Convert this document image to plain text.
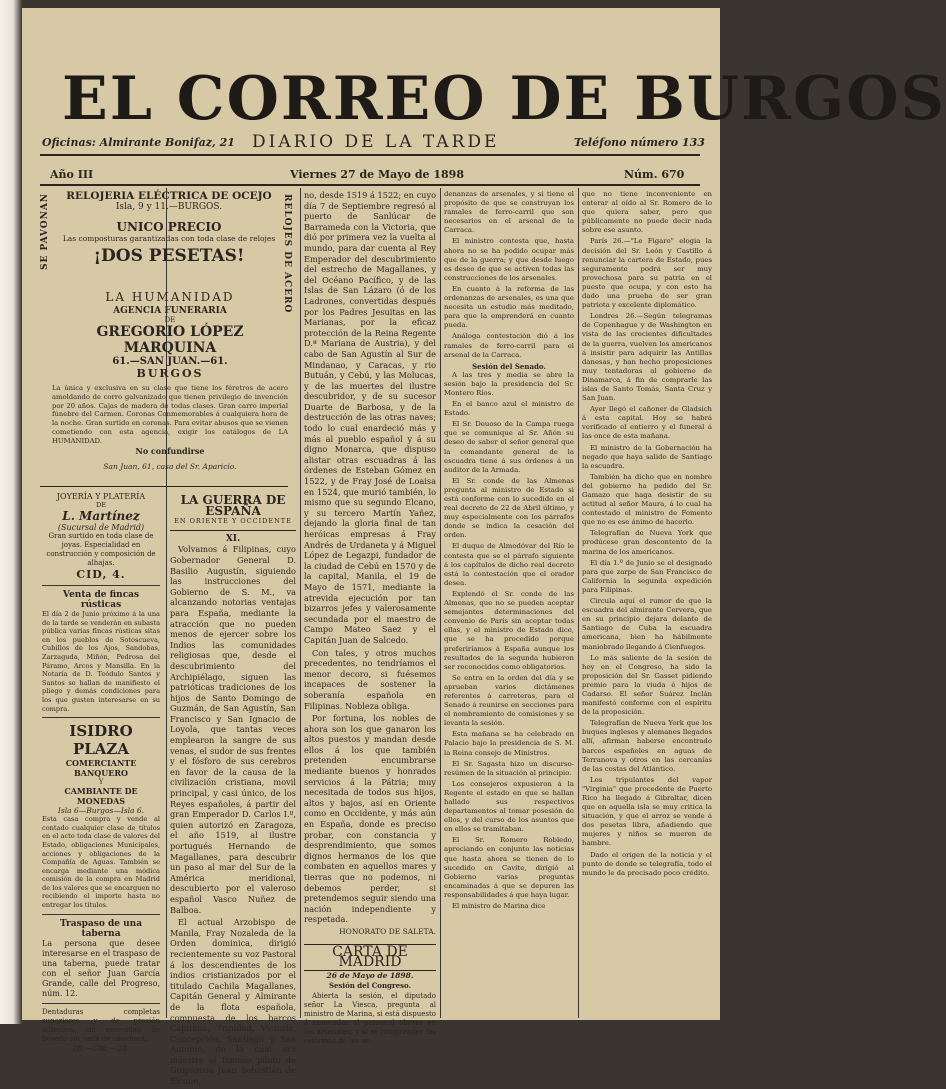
EL CORREO DE BURGOS
Oficinas: Almirante Bonifaz, 21 DIARIO DE LA TARDE	Teléfono número 133
Año III	Viernes 27 de Mayo de 1898	Núm. 670
SE PAVONAN	RELOJES DE ACERO
RELOJERIA ELÉCTRICA DE OCEJO
Isla, 9 y 11.—BURGOS.
UNICO PRECIO
Las composturas garantizadas con toda clase de relojes
¡DOS PESETAS!
LA HUMANIDAD
AGENCIA FUNERARIA
DE
GREGORIO LÓPEZ MARQUINA
61.—SAN JUAN.—61.
BURGOS
La única y exclusiva en su clase que tiene los féretros de acero amoldando de corro galvanizado que tienen privilegio de invención por 20 años. Cajas de madera de todas clases. Gran carro imperial fúnebre del Carmen. Coronas Conmemorables á cualquiera hora de la noche. Gran surtido en coronas. Para evitar abusos que se vienen cometiendo con esta agencia, exigir los catálogos de LA HUMANIDAD.
No confundirse
San Juan, 61, casa del Sr. Aparicio.
JOYERÍA Y PLATERÍA
DE
L. Martínez
(Sucursal de Madrid)
Gran surtido en toda clase de joyas. Especialidad en construcción y composición de alhajas.
CID, 4.
Venta de fincas rústicas
El día 2 de Junio próximo á la una de la tarde se venderán en subasta pública varias fincas rústicas sitas en los pueblos de Sotoscueva, Cubillos de los Ajos, Sandobas, Zarzaguda, Miñón, Pedrosa del Páramo, Arcos y Mansilla. En la Notaría de D. Teódulo Santos y Santos se hallan de manifiesto el pliego y demás condiciones para los que gusten interesarse en su compra.
ISIDRO PLAZA
COMERCIANTE BANQUERO
Y
CAMBIANTE DE MONEDAS
Isla 6—Burgos—Isla 6.
Esta casa compra y vende al contado cualquier clase de títulos en el acto toda clase de valores del Estado, obligaciones Municipales, acciones y obligaciones de la Compañía de Aguas. También se encarga mediante una módica comisión de la compra en Madrid de los valores que se encarguen no recibiendo el importe hasta no entregar los títulos.
Traspaso de una taberna
La persona que desee interesarse en el traspaso de una taberna, puede tratar con el señor Juan García Grande, calle del Progreso, núm. 12.
Dentaduras completas superiores y de presión adhesiva, sin necesidad de bóveda sin nada de cauchout.
28.—Cid.—28.
LA GUERRA DE ESPAÑA
EN ORIENTE Y OCCIDENTE
XI.

Volvamos á Filipinas, cuyo Gobernador General D. Basilio Augustín, siguiendo las instrucciones del Gobierno de S. M., va alcanzando notorias ventajas para España, mediante la atracción que no pueden menos de ejercer sobre los Indios las comunidades religiosas que, desde el descubrimiento del Archipiélago, siguen las patrióticas tradiciones de los hijos de Santo Domingo de Guzmán, de San Agustín, San Francisco y San Ignacio de Loyola, que tantas veces emplearon la sangre de sus venas, el sudor de sus frentes y el fósforo de sus cerebros en favor de la causa de la civilización cristiana, movil principal, y casi único, de los Reyes españoles, á partir del gran Emperador D. Carlos I.º, quien autorizó en Zaragoza, el año 1519, al ilustre portugués Hernando de Magallanes, para descubrir un paso al mar del Sur de la América meridional, descubierto por el valeroso español Vasco Nuñez de Balboa.

El actual Arzobispo de Manila, Fray Nozaleda de la Orden dominica, dirigió recientemente su voz Pastoral á los descendientes de los indios cristianizados por el titulado Cachila Magallanes, Capitán General y Almirante de la flota española, compuesta de los barcos Capitana, Trinidad, Victoria, Concepción, Santiago y San Antonio, de la cual era maestre el famoso piloto de Guipúzcoa Juan Sebastián de Elcano,

no, desde 1519 á 1522; en cuyo día 7 de Septiembre regresó al puerto de Sanlúcar de Barrameda con la Victoria, que dió por primera vez la vuelta al mundo, para dar cuenta al Rey Emperador del descubrimiento del estrecho de Magallanes, y del Océano Pacífico, y de las Islas de San Lázaro (ó de los Ladrones, convertidas después por los Padres Jesuitas en las Marianas, por la eficaz protección de la Reina Regente D.ª Mariana de Austria), y del cabo de San Agustín al Sur de Mindanao, y Caracas, y rio Butuán, y Cebú, y las Molucas, y de las muertes del ilustre descubridor, y de su sucesor Duarte de Barbosa, y de la destrucción de las otras naves; todo lo cual enardeció más y más al pueblo español y á su digno Monarca, que dispuso alistar otras escuadras á las órdenes de Esteban Gómez en 1522, y de Fray José de Loaisa en 1524, que murió también, lo mismo que su segundo Elcano, y su tercero Martín Yañez, dejando la gloria final de tan heróicas empresas á Fray Andrés de Urdaneta y á Miguel López de Legazpi, fundador de la ciudad de Cebú en 1570 y de la capital, Manila, el 19 de Mayo de 1571, mediante la atrevida ejecución por tan bizarros jefes y valerosamente secundada por el maestro de Campo Mateo Saez y el Capitán Juan de Salcedo.

Con tales, y otros muchos precedentes, no tendríamos el menor decoro, si fuésemos incapaces de sostener la soberanía española en Filipinas. Nobleza obliga.

Por fortuna, los nobles de ahora son los que ganaron los altos puestos y mandan desde ellos á los que también pretenden encumbrarse mediante buenos y honrados servicios á la Pátria; muy necesitada de todos sus hijos, altos y bajos, así en Oriente como en Occidente, y más aún en España, donde es preciso probar, con constancia y desprendimiento, que somos dignos hermanos de los que combaten en aquellos mares y tierras que no podemos, ni debemos perder, si pretendemos seguir siendo una nación independiente y respetada.

HONORATO DE SALETA.
CARTA DE MADRID
26 de Mayo de 1898.
Sesión del Congreso.

Abierta la sesión, el diputado señor La Viesca, pregunta al ministro de Marina, si está dispuesto á enmendar el personal obrero en los arsenales, y si se remprender las reformas de los or-

denanzas de arsenales, y si tiene el propósito de que se construyan los ramales de ferro-carril que son necesarios en el arsenal de la Carraca.

El ministro contesta que, hasta ahora no se ha podido ocupar más que de la guerra; y que desde luego es deseo de que se activen todas las construcciones de los arsenales.

En cuanto á la reforma de las ordenanzas de arsenales, es una que necesita un estudio más meditado, para que la emprenderá en cuanto pueda.

Análoga contestación dió á los ramales de ferro-carril para el arsenal de la Carraca.

Sesión del Senado.

A las tres y media se abre la sesión bajo la presidencia del Sr. Montero Ríos.

En el banco azul el ministro de Estado.

El Sr. Deuoso de la Campa ruega que se comunique al Sr. Añón su deseo de saber el señor general que la comandante general de la escuadra tiene á sus órdenes á un auditor de la Armada.

El Sr. conde de las Almenas pregunta al ministro de Estado si está conforme con lo sucedido en el real decreto de 22 de Abril último, y muy especialmente con los párrafos donde se indica la cesación del orden.

El duque de Almodóvar del Río le contesta que se el párrafo siguiente á los capítulos de dicho real decreto está la contestación que el orador desea.

Explendó el Sr. conde de las Almenas, que no se pueden aceptar semejantes determinaciones del convenio de París sin aceptar todas ellas, y el ministro de Estado dice, que se ha procedido porque preferiríamos á España aunque los resultados de la segunda hubieron ser reconocidos como obligatorios.

Se entra en la orden del día y se aprueban varios dictámenes referentes á carreteras, para el Senado á reunirse en secciones para el nombramiento de comisiones y se levanta la sesión.

Esta mañana se ha celebrado en Palacio bajo la presidencia de S. M. la Reina consejo de Ministros.

El Sr. Sagasta hizo un discurso-resúmen de la situación al principio.

Los consejeros expusieron á la Regente el estado en que se hallan hallado sus respectivos departamentos al tomar posesión de ellos, y del curso de los asuntos que en ellos se tramitaban.

El Sr. Romero Robledo, apreciando en conjunto las noticias que hasta ahora se tienen de lo sucedido en Cavite, dirigió al Gobierno varias preguntas encaminadas á que se depuren las responsabilidades á que haya lugar.

El ministro de Marina dice

que no tiene inconveniente en enterar al oído al Sr. Romero de lo que quiera saber, pero que públicamente no puede decir nada sobre ese asunto.

París 26.—"Le Figaro" elogia la decisión del Sr. León y Castillo á renunciar la cartera de Estado, pues seguramente podrá ser muy provechosa para su patria en el puesto que ocupa, y con esto ha dado una prueba de ser gran patriota y excelente diplomático.

Londres 26.—Según telegramas de Copenhague y de Washington en vista de las crecientes dificultades de la guerra, vuelven los americanos á insistir para adquirir las Antillas danesas, y han hecho proposiciones muy tentadoras al gobierno de Dinamarca, á fin de comprarle las islas de Santo Tomás, Santa Cruz y San Juan.

Ayer llegó el cañoner de Gladsich á esta capital. Hoy se habrá verificado el entierro y el funeral á las once de esta mañana.

El ministro de la Gobernación ha negado que haya salido de Santiago la escuadra.

También ha dicho que en nombre del gobierno ha pedido del Sr. Gamazo que haga desistir de su actitud al señor Maura, á lo cual ha contestado el ministro de Fomento que no es ese ánimo de hacerlo.

Telegrafían de Nueva York que prodúcese gran descontento de la marina de los americanos.

El día 1.º de Junio se el designado para que zarpe de San Francisco de California la segunda expedición para Filipinas.

Circula aquí el rumor de que la escuadra del almirante Cervera, que en su principio dejara delante de Santiago de Cuba la escuadra americana, bien ha hábilmente maniobrado llegando á Cienfuegos.

Lo más saliente de la sesión de hoy en el Congreso, ha sido la proposición del Sr. Gasset pidiendo premio para la viuda é hijos de Cadarso. El señor Suárez Inclán manifestó conforme con el espíritu de la proposición.

Telegrafían de Nueva York que los buques ingleses y alemanes llegados allí, afirman haberse encontrado barcos españoles en aguas de Terranova y otros en las cercanías de las costas del Atlántico.

Los tripulantes del vapor "Virginia" que procedente de Puerto Rico ha llegado á Gibraltar, dicen que en aquella isla se muy critica la situación, y que el arroz se vende á dos pesetas libra, añadiendo que mujeres y niños se mueren de hambre.

Dado el origen de la noticia y el punto de donde se telegrafía, todo el mundo le da precisado poco crédito.
